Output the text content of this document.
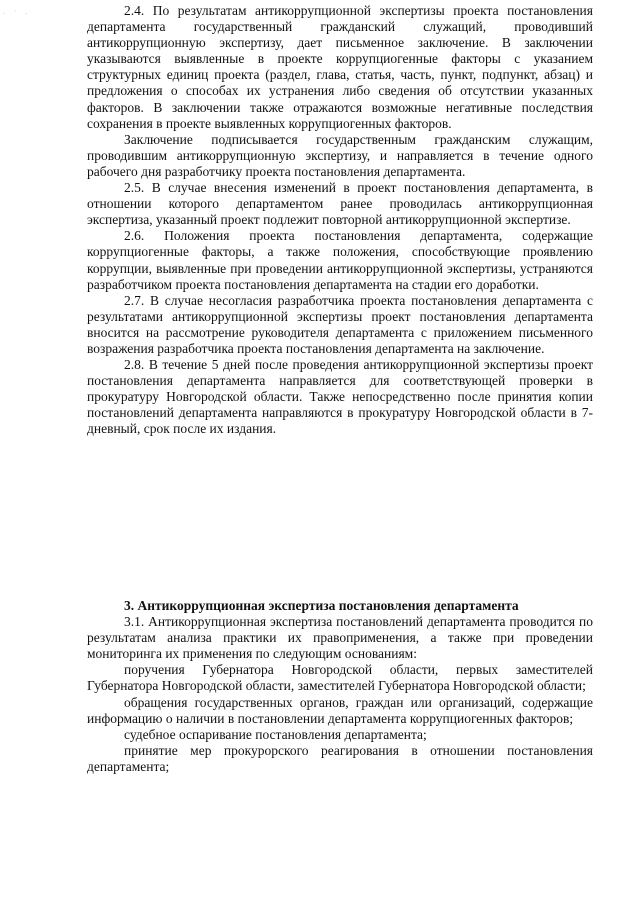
· ˙ ·	2.4. По результатам антикоррупционной экспертизы проекта постановления департамента государственный гражданский служащий, проводивший антикоррупционную экспертизу, дает письменное заключение. В заключении указываются выявленные в проекте коррупциогенные факторы с указанием структурных единиц проекта (раздел, глава, статья, часть, пункт, подпункт, абзац) и предложения о способах их устранения либо сведения об отсутствии указанных факторов. В заключении также отражаются возможные негативные последствия сохранения в проекте выявленных коррупциогенных факторов.

Заключение подписывается государственным гражданским служащим, проводившим антикоррупционную экспертизу, и направляется в течение одного рабочего дня разработчику проекта постановления департамента.

2.5. В случае внесения изменений в проект постановления департамента, в отношении которого департаментом ранее проводилась антикоррупционная экспертиза, указанный проект подлежит повторной антикоррупционной экспертизе.

2.6. Положения проекта постановления департамента, содержащие коррупциогенные факторы, а также положения, способствующие проявлению коррупции, выявленные при проведении антикоррупционной экспертизы, устраняются разработчиком проекта постановления департамента на стадии его доработки.

2.7. В случае несогласия разработчика проекта постановления департамента с результатами антикоррупционной экспертизы проект постановления департамента вносится на рассмотрение руководителя департамента с приложением письменного возражения разработчика проекта постановления департамента на заключение.

2.8. В течение 5 дней после проведения антикоррупционной экспертизы проект постановления департамента направляется для соответствующей проверки в прокуратуру Новгородской области. Также непосредственно после принятия копии постановлений департамента направляются в прокуратуру Новгородской области в 7-дневный, срок после их издания.

3. Антикоррупционная экспертиза постановления департамента

3.1. Антикоррупционная экспертиза постановлений департамента проводится по результатам анализа практики их правоприменения, а также при проведении мониторинга их применения по следующим основаниям:

поручения Губернатора Новгородской области, первых заместителей Губернатора Новгородской области, заместителей Губернатора Новгородской области;

обращения государственных органов, граждан или организаций, содержащие информацию о наличии в постановлении департамента коррупциогенных факторов;

судебное оспаривание постановления департамента;

принятие мер прокурорского реагирования в отношении постановления департамента;
